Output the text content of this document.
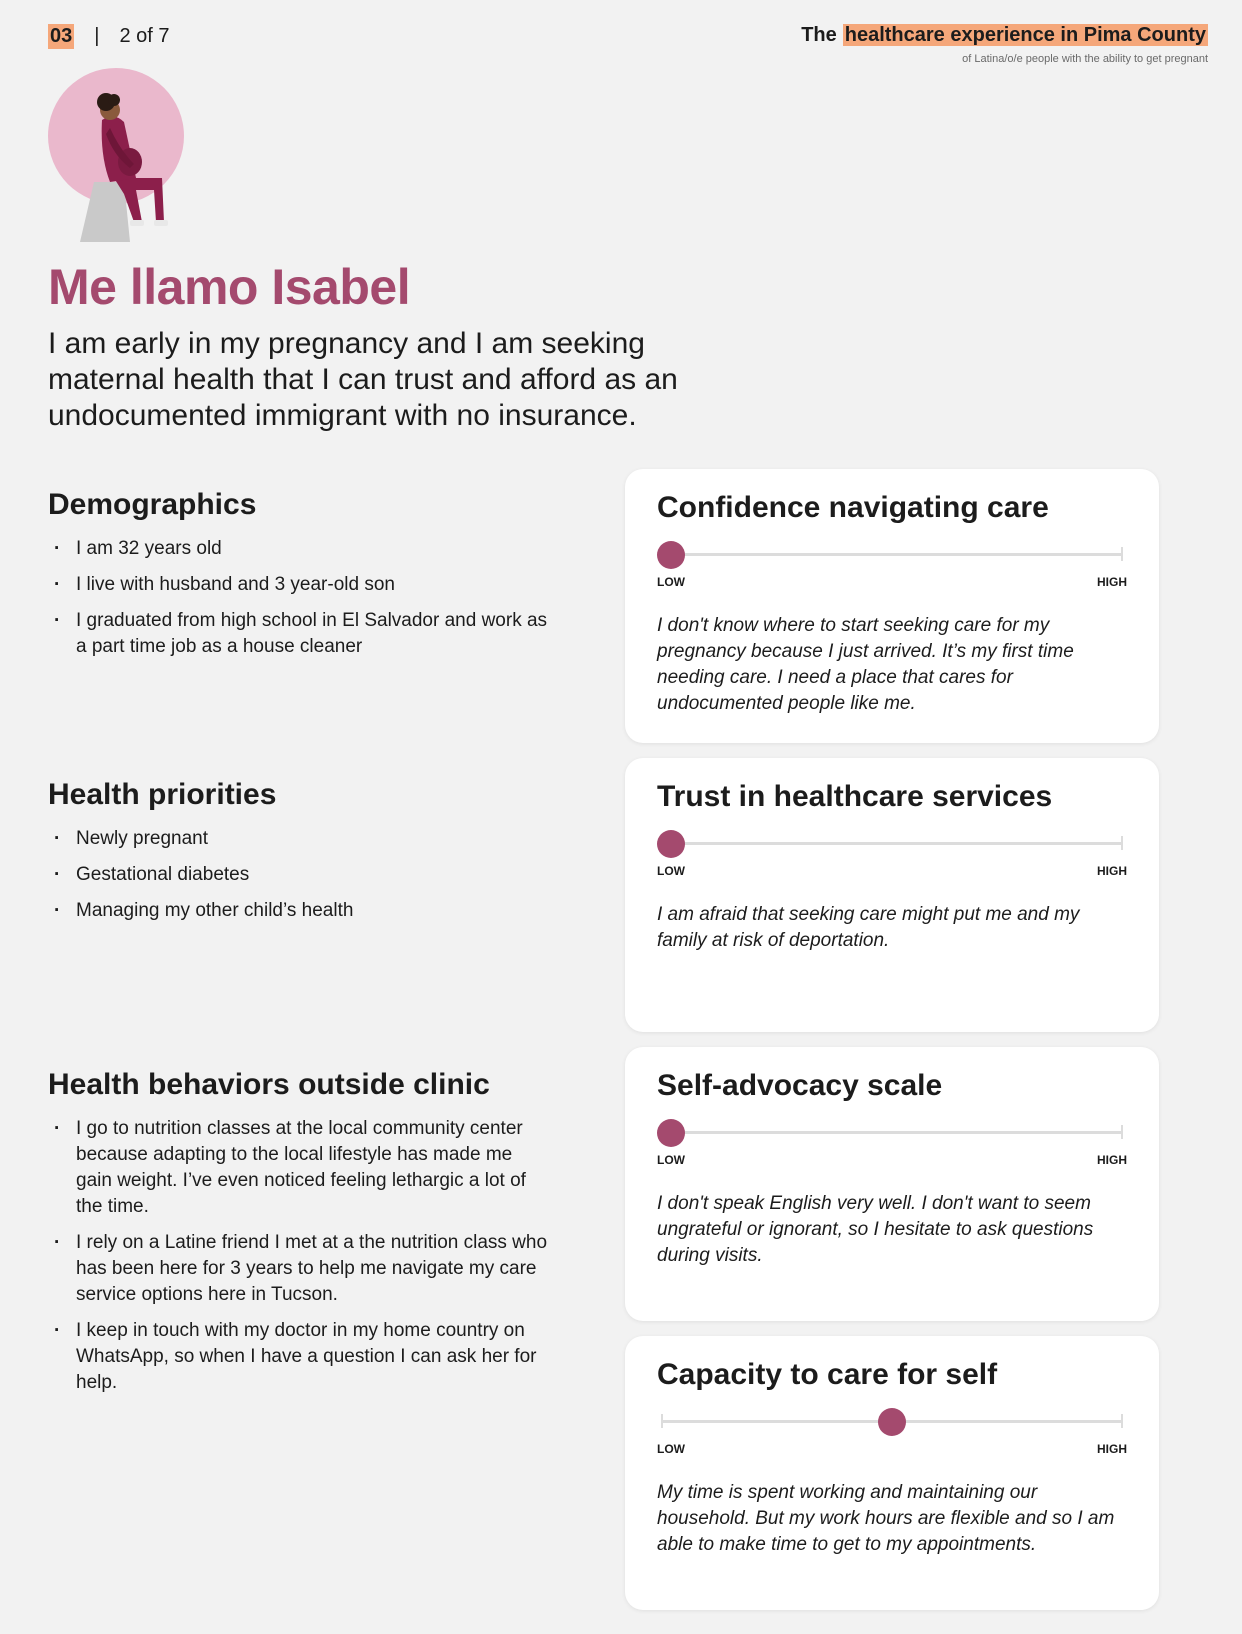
03 | 2 of 7	The healthcare experience in Pima County
of Latina/o/e people with the ability to get pregnant
Me llamo Isabel
I am early in my pregnancy and I am seeking maternal health that I can trust and afford as an undocumented immigrant with no insurance.
Demographics
· I am 32 years old
· I live with husband and 3 year-old son
· I graduated from high school in El Salvador and work as a part time job as a house cleaner
Health priorities
· Newly pregnant
· Gestational diabetes
· Managing my other child’s health
Health behaviors outside clinic
· I go to nutrition classes at the local community center because adapting to the local lifestyle has made me gain weight. I’ve even noticed feeling lethargic a lot of the time.
· I rely on a Latine friend I met at a the nutrition class who has been here for 3 years to help me navigate my care service options here in Tucson.
· I keep in touch with my doctor in my home country on WhatsApp, so when I have a question I can ask her for help.
Confidence navigating care
LOW	HIGH

I don't know where to start seeking care for my pregnancy because I just arrived. It’s my first time needing care. I need a place that cares for undocumented people like me.

Trust in healthcare services
LOW	HIGH

I am afraid that seeking care might put me and my family at risk of deportation.

Self-advocacy scale
LOW	HIGH

I don't speak English very well. I don't want to seem ungrateful or ignorant, so I hesitate to ask questions during visits.

Capacity to care for self
LOW	HIGH

My time is spent working and maintaining our household. But my work hours are flexible and so I am able to make time to get to my appointments.
